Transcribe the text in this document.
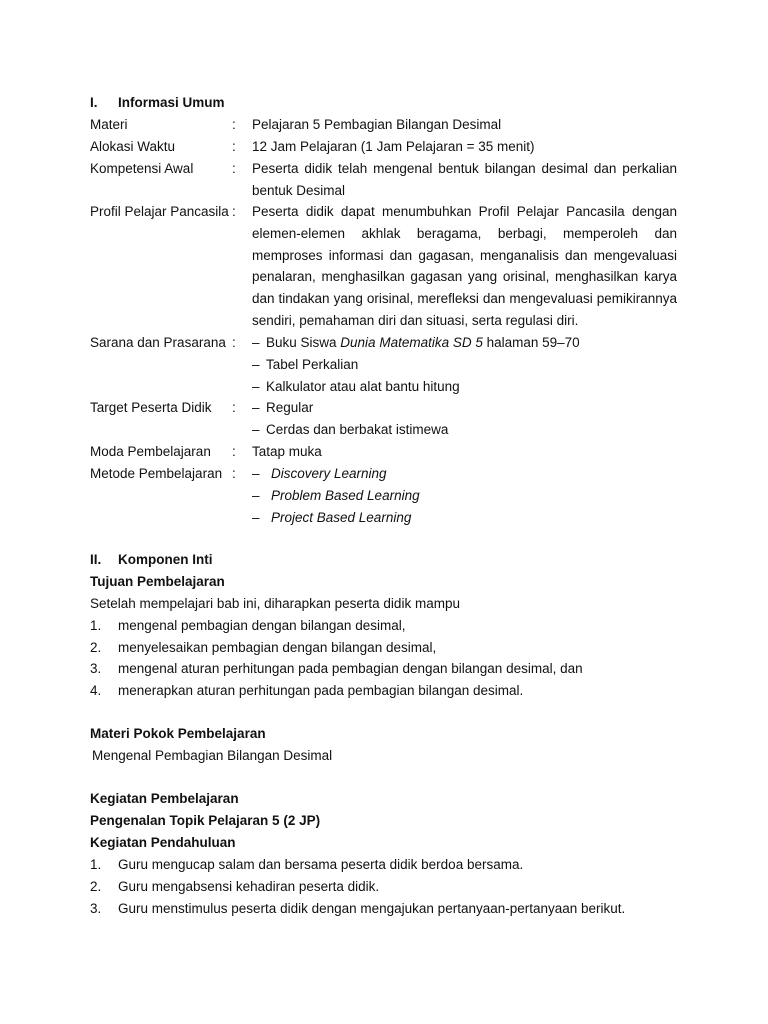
I. Informasi Umum
Materi	: Pelajaran 5 Pembagian Bilangan Desimal
Alokasi Waktu	: 12 Jam Pelajaran (1 Jam Pelajaran = 35 menit)
Kompetensi Awal	: Peserta didik telah mengenal bentuk bilangan desimal dan perkalian bentuk Desimal
Profil Pelajar Pancasila : Peserta didik dapat menumbuhkan Profil Pelajar Pancasila dengan elemen-elemen akhlak beragama, berbagi, memperoleh dan memproses informasi dan gagasan, menganalisis dan mengevaluasi penalaran, menghasilkan gagasan yang orisinal, menghasilkan karya dan tindakan yang orisinal, merefleksi dan mengevaluasi pemikirannya sendiri, pemahaman diri dan situasi, serta regulasi diri.
Sarana dan Prasarana : – Buku Siswa Dunia Matematika SD 5 halaman 59–70
– Tabel Perkalian
– Kalkulator atau alat bantu hitung
Target Peserta Didik : – Regular
– Cerdas dan berbakat istimewa
Moda Pembelajaran : Tatap muka
Metode Pembelajaran : – Discovery Learning
– Problem Based Learning
– Project Based Learning
II. Komponen Inti
Tujuan Pembelajaran
Setelah mempelajari bab ini, diharapkan peserta didik mampu
1. mengenal pembagian dengan bilangan desimal,
2. menyelesaikan pembagian dengan bilangan desimal,
3. mengenal aturan perhitungan pada pembagian dengan bilangan desimal, dan
4. menerapkan aturan perhitungan pada pembagian bilangan desimal.
Materi Pokok Pembelajaran
Mengenal Pembagian Bilangan Desimal
Kegiatan Pembelajaran
Pengenalan Topik Pelajaran 5 (2 JP)
Kegiatan Pendahuluan
1. Guru mengucap salam dan bersama peserta didik berdoa bersama.
2. Guru mengabsensi kehadiran peserta didik.
3. Guru menstimulus peserta didik dengan mengajukan pertanyaan-pertanyaan berikut.
